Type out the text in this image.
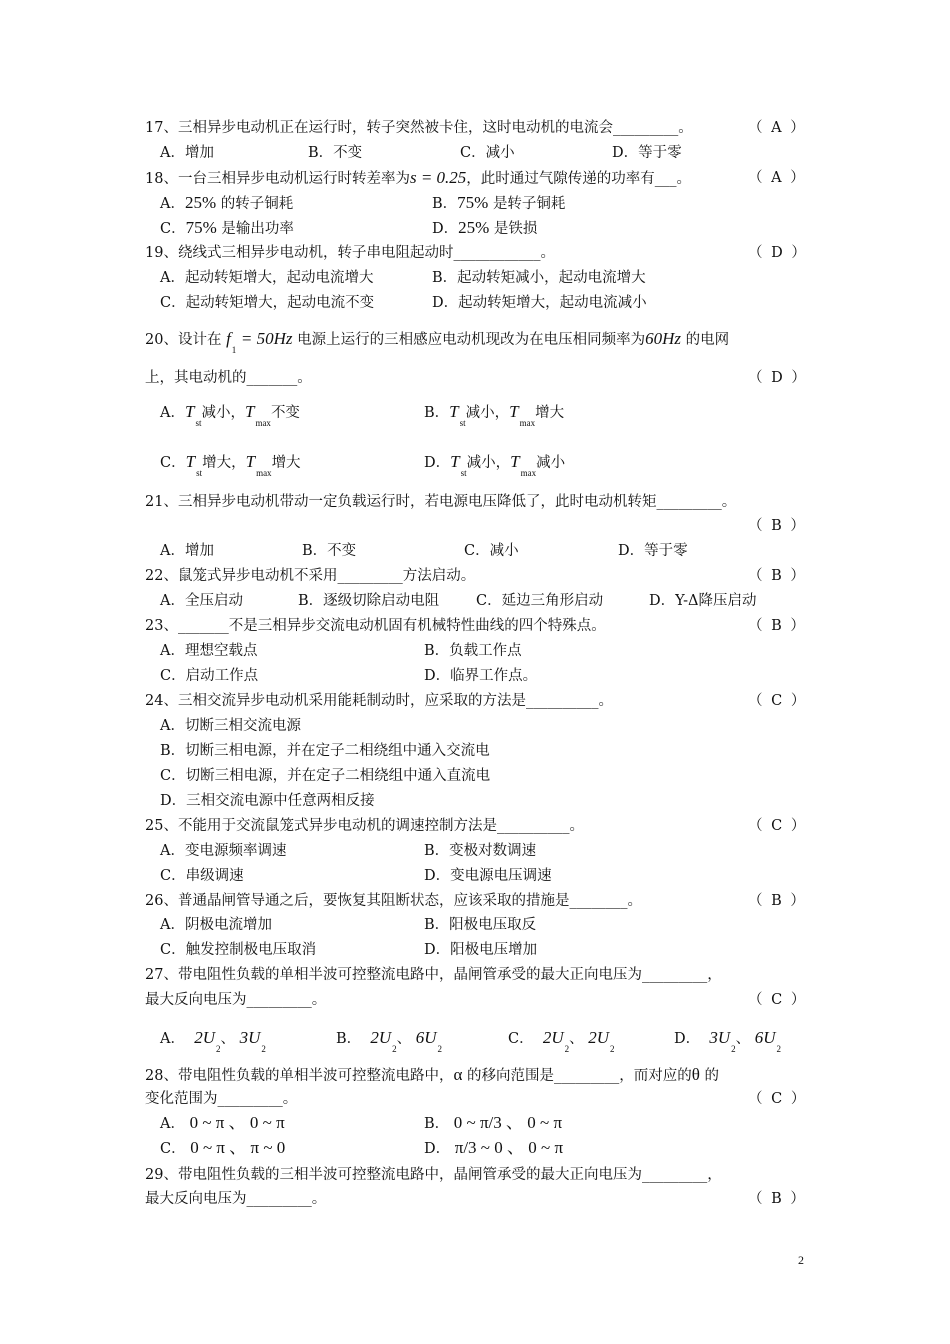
17、三相异步电动机正在运行时，转子突然被卡住，这时电动机的电流会_________。	（ A ）
A．增加	B．不变	C．减小	D．等于零
18、一台三相异步电动机运行时转差率为s = 0.25，此时通过气隙传递的功率有___。	（ A ）
A．25% 的转子铜耗	B．75% 是转子铜耗
C．75% 是输出功率	D．25% 是铁损
19、绕线式三相异步电动机，转子串电阻起动时____________。	（ D ）
A．起动转矩增大，起动电流增大	B．起动转矩减小，起动电流增大
C．起动转矩增大，起动电流不变	D．起动转矩增大，起动电流减小
20、设计在 $f_1 = 50Hz$ 电源上运行的三相感应电动机现改为在电压相同频率为60Hz 的电网
上，其电动机的_______。	（ D ）
A．$T_{st}$减小，$T_{max}$不变	B．$T_{st}$减小，$T_{max}$增大
C．$T_{st}$增大，$T_{max}$增大	D．$T_{st}$减小，$T_{max}$减小
21、三相异步电动机带动一定负载运行时，若电源电压降低了，此时电动机转矩_________。
（ B ）
A．增加	B．不变	C．减小	D．等于零
22、鼠笼式异步电动机不采用_________方法启动。	（ B ）
A．全压启动	B．逐级切除启动电阻	C．延边三角形启动	D．Y-Δ降压启动
23、_______不是三相异步交流电动机固有机械特性曲线的四个特殊点。	（ B ）
A．理想空载点	B．负载工作点
C．启动工作点	D．临界工作点。
24、三相交流异步电动机采用能耗制动时，应采取的方法是__________。	（ C ）
A．切断三相交流电源
B．切断三相电源，并在定子二相绕组中通入交流电
C．切断三相电源，并在定子二相绕组中通入直流电
D．三相交流电源中任意两相反接
25、不能用于交流鼠笼式异步电动机的调速控制方法是__________。	（ C ）
A．变电源频率调速	B．变极对数调速
C．串级调速	D．变电源电压调速
26、普通晶闸管导通之后，要恢复其阻断状态，应该采取的措施是________。	（ B ）
A．阴极电流增加	B．阳极电压取反
C．触发控制极电压取消	D．阳极电压增加
27、带电阻性负载的单相半波可控整流电路中，晶闸管承受的最大正向电压为_________，
最大反向电压为_________。	（ C ）
A． $2U_2$、 $3U_2$
B． $2U_2$、 $6U_2$
C． $2U_2$、 $2U_2$
D． $3U_2$、 $6U_2$
28、带电阻性负载的单相半波可控整流电路中，α 的移向范围是_________，而对应的θ 的
变化范围为_________。	（ C ）
A． 0 ~ π 、 0 ~ π	B． 0 ~ π/3 、 0 ~ π
C． 0 ~ π 、 π ~ 0	D． π/3 ~ 0 、 0 ~ π
29、带电阻性负载的三相半波可控整流电路中，晶闸管承受的最大正向电压为_________，
最大反向电压为_________。	（ B ）
2
